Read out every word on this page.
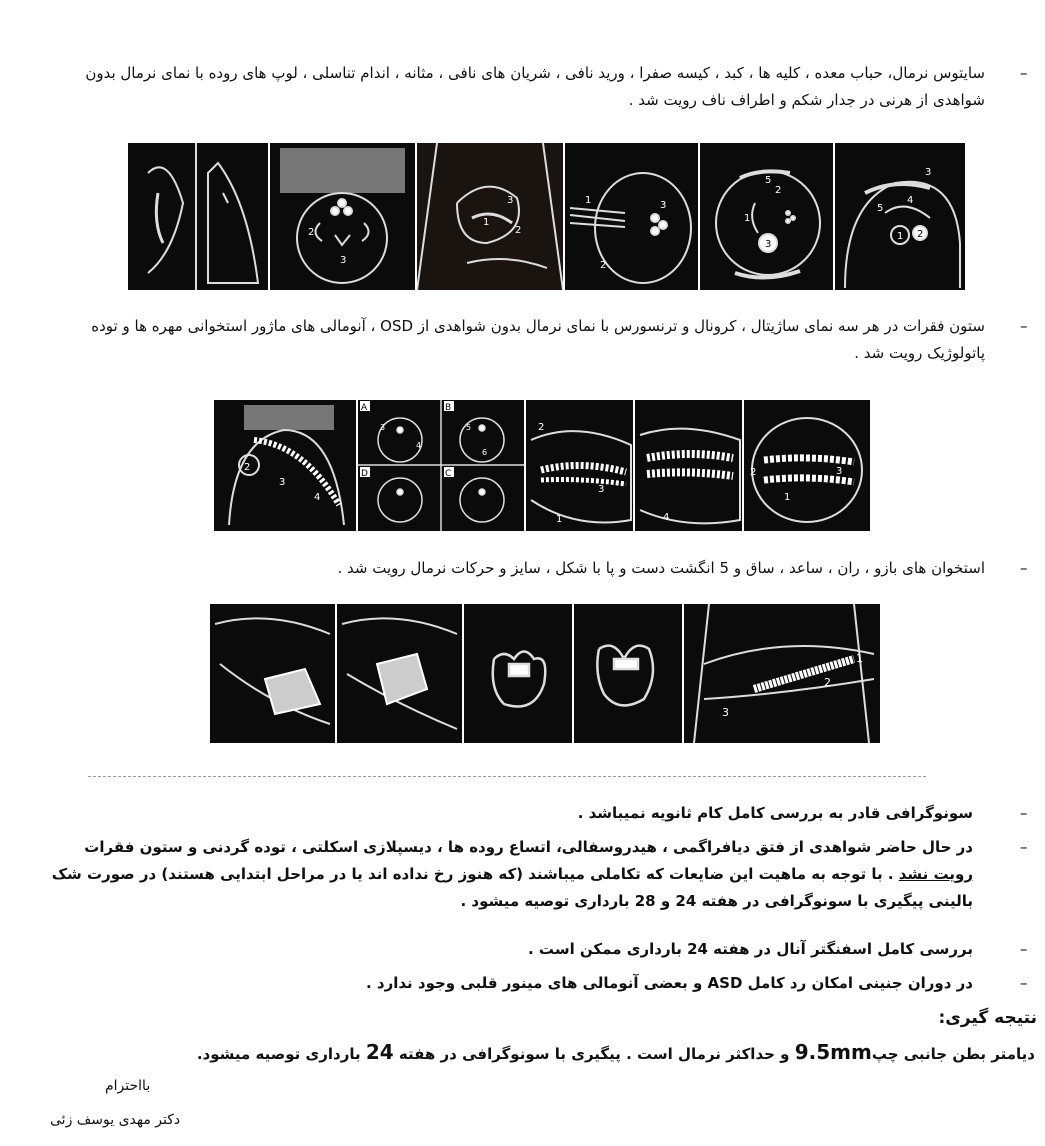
سایتوس نرمال، حباب معده ، کلیه ها ، کبد ، کیسه صفرا ، ورید نافی ، شریان های نافی ، مثانه ، اندام تناسلی ، لوپ های روده با نمای نرمال بدون شواهدی از هرنی در جدار شکم و اطراف ناف رویت شد .
–
2
3
1
2
3	1
2
3
1
2
3
5
1 2
3
4
5
ستون فقرات در هر سه نمای ساژیتال ، کرونال و ترنسورس با نمای نرمال بدون شواهدی از OSD ، آنومالی های ماژور استخوانی مهره ها و توده پاتولوژیک رویت شد .
–
2
3
4
A	B
D	C
3
4
5
6
2
3
1	4
2
1
3
استخوان های بازو ، ران ، ساعد ، ساق و 5 انگشت دست و پا با شکل ، سایز و حرکات نرمال رویت شد . –
1
2
3
سونوگرافی قادر به بررسی کامل کام ثانویه نمیباشد .	–
در حال حاضر شواهدی از فتق دیافراگمی ، هیدروسفالی، اتساع روده ها ، دیسپلازی اسکلتی ، توده گردنی و ستون فقرات رویت نشد . با توجه به ماهیت این ضایعات که تکاملی میباشند (که هنوز رخ نداده اند یا در مراحل ابتدایی هستند) در صورت شک بالینی پیگیری با سونوگرافی در هفته 24 و 28 بارداری توصیه میشود .
–
بررسی کامل اسفنگتر آنال در هفته 24 بارداری ممکن است .	–
در دوران جنینی امکان رد کامل ASD و بعضی آنومالی های مینور قلبی وجود ندارد .	–
نتیجه گیری:
دیامتر بطن جانبی چپ9.5mm و حداکثر نرمال است . پیگیری با سونوگرافی در هفته 24 بارداری توصیه میشود.
بااحترام
دکتر مهدی یوسف زئی
